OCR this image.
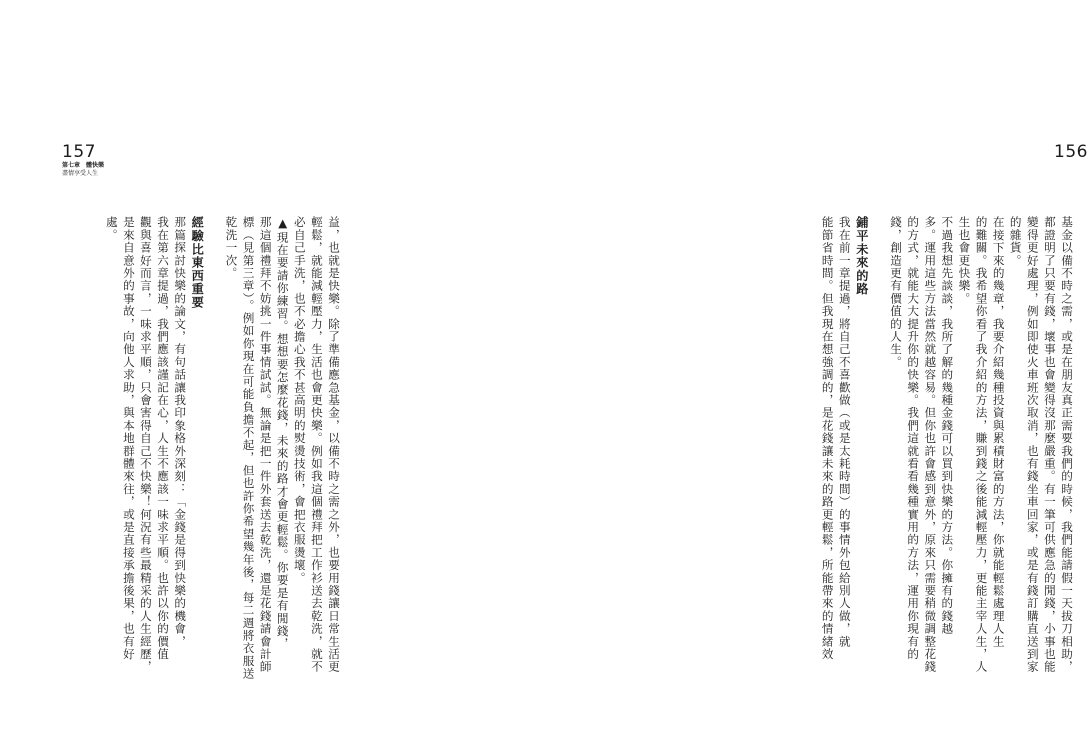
157
第七章　體快樂
盡情享受人生
益，也就是快樂。除了準備應急基金，以備不時之需之外，也要用錢讓日常生活更
輕鬆，就能減輕壓力，生活也會更快樂。例如我這個禮拜把工作衫送去乾洗，就不
必自己手洗，也不必擔心我不甚高明的熨燙技術，會把衣服燙壞。
▲現在要請你練習。想想要怎麼花錢，未來的路才會更輕鬆。你要是有閒錢，
那這個禮拜不妨挑一件事情試試。無論是把一件外套送去乾洗，還是花錢請會計師
標（見第三章）。例如你現在可能負擔不起，但也許你希望幾年後，每二週將衣服送
乾洗一次。

經驗比東西重要
那篇探討快樂的論文，有句話讓我印象格外深刻：「金錢是得到快樂的機會，
我在第六章提過，我們應該謹記在心，人生不應該一味求平順。也許以你的價值
觀與喜好而言，一味求平順，只會害得自己不快樂！何況有些最精采的人生經歷，
是來自意外的事故，向他人求助，與本地群體來往，或是直接承擔後果，也有好
處。

156
基金以備不時之需，或是在朋友真正需要我們的時候，我們能請假一天拔刀相助，
都證明了只要有錢，壞事也會變得沒那麼嚴重。有一筆可供應急的閒錢，小事也能
變得更好處理，例如即使火車班次取消，也有錢坐車回家，或是有錢訂購直送到家
的雜貨。
在接下來的幾章，我要介紹幾種投資與累積財富的方法，你就能輕鬆處理人生
的難關。我希望你看了我介紹的方法，賺到錢之後能減輕壓力，更能主宰人生，人
生也會更快樂。
不過我想先談談，我所了解的幾種金錢可以買到快樂的方法。你擁有的錢越
多。運用這些方法當然就越容易。但你也許會感到意外，原來只需要稍微調整花錢
的方式，就能大大提升你的快樂。我們這就看看幾種實用的方法，運用你現有的
錢，創造更有價值的人生。

鋪平未來的路
我在前一章提過，將自己不喜歡做（或是太耗時間）的事情外包給別人做，就
能節省時間。但我現在想強調的，是花錢讓未來的路更輕鬆，所能帶來的情緒效
